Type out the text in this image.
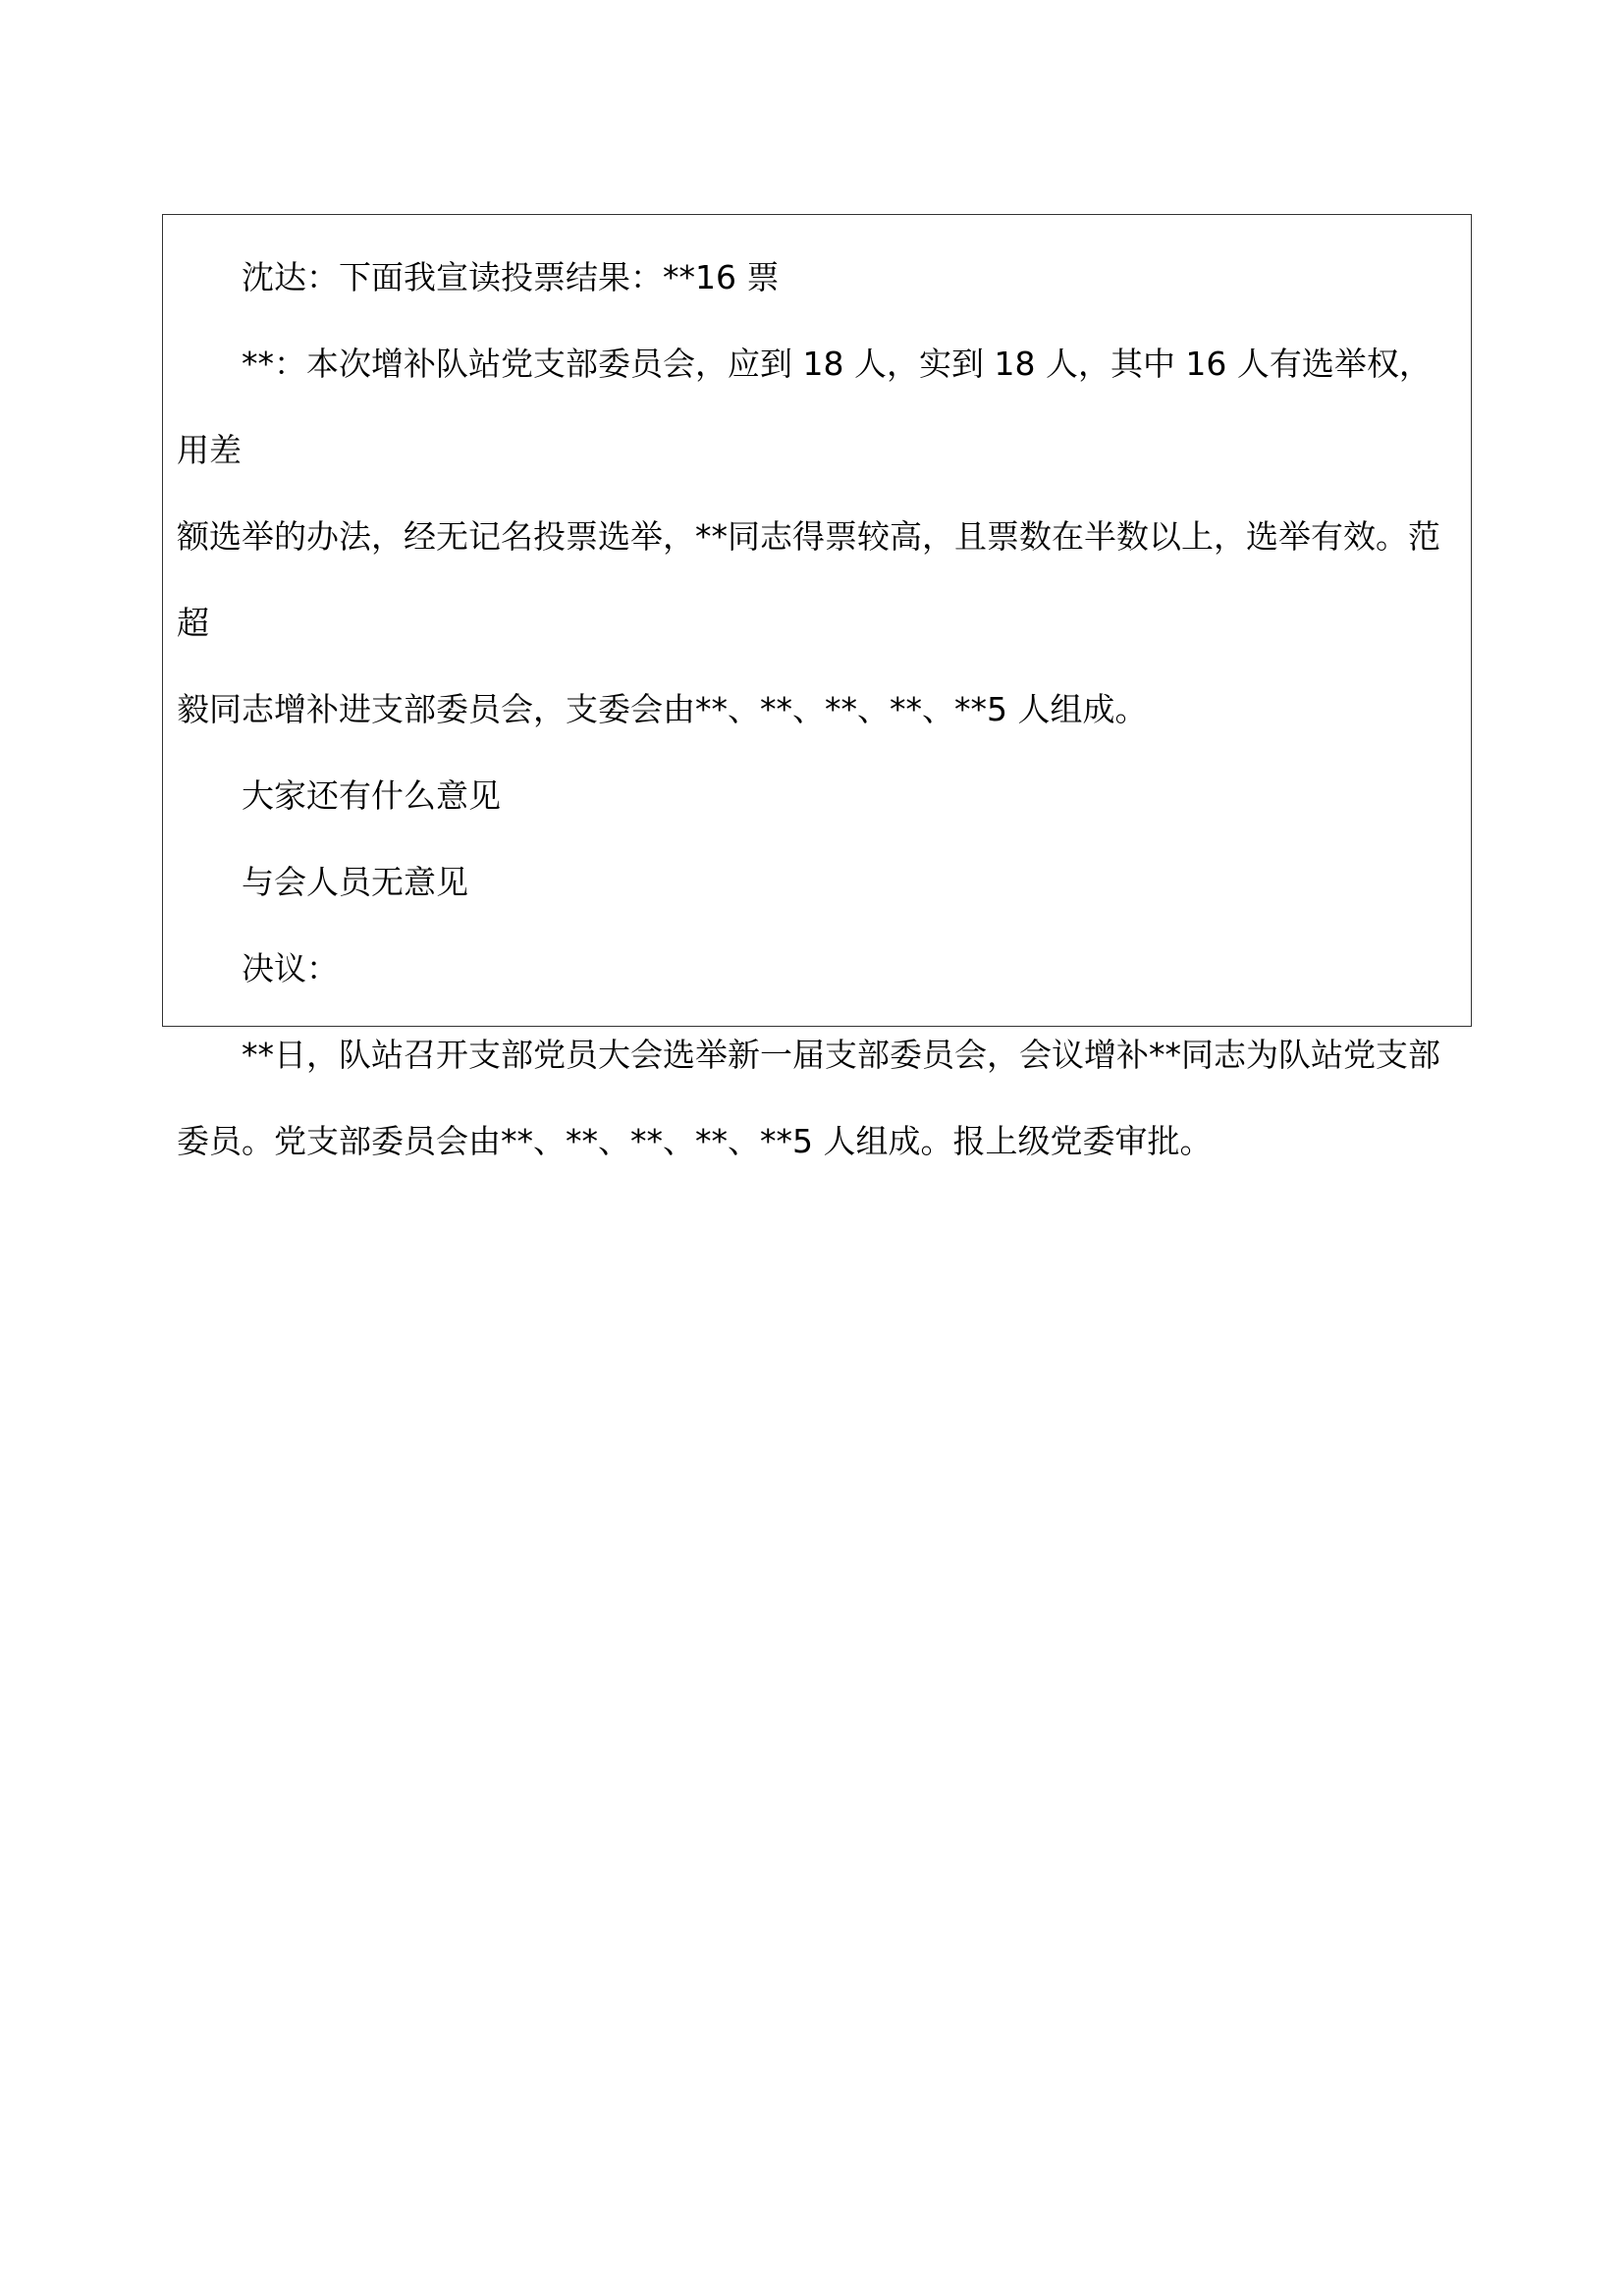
沈达：下面我宣读投票结果：**16 票

**：本次增补队站党支部委员会，应到 18 人，实到 18 人，其中 16 人有选举权，用差
额选举的办法，经无记名投票选举，**同志得票较高，且票数在半数以上，选举有效。范超
毅同志增补进支部委员会，支委会由**、**、**、**、**5 人组成。

大家还有什么意见

与会人员无意见

决议：

**日，队站召开支部党员大会选举新一届支部委员会，会议增补**同志为队站党支部
委员。党支部委员会由**、**、**、**、**5 人组成。报上级党委审批。
